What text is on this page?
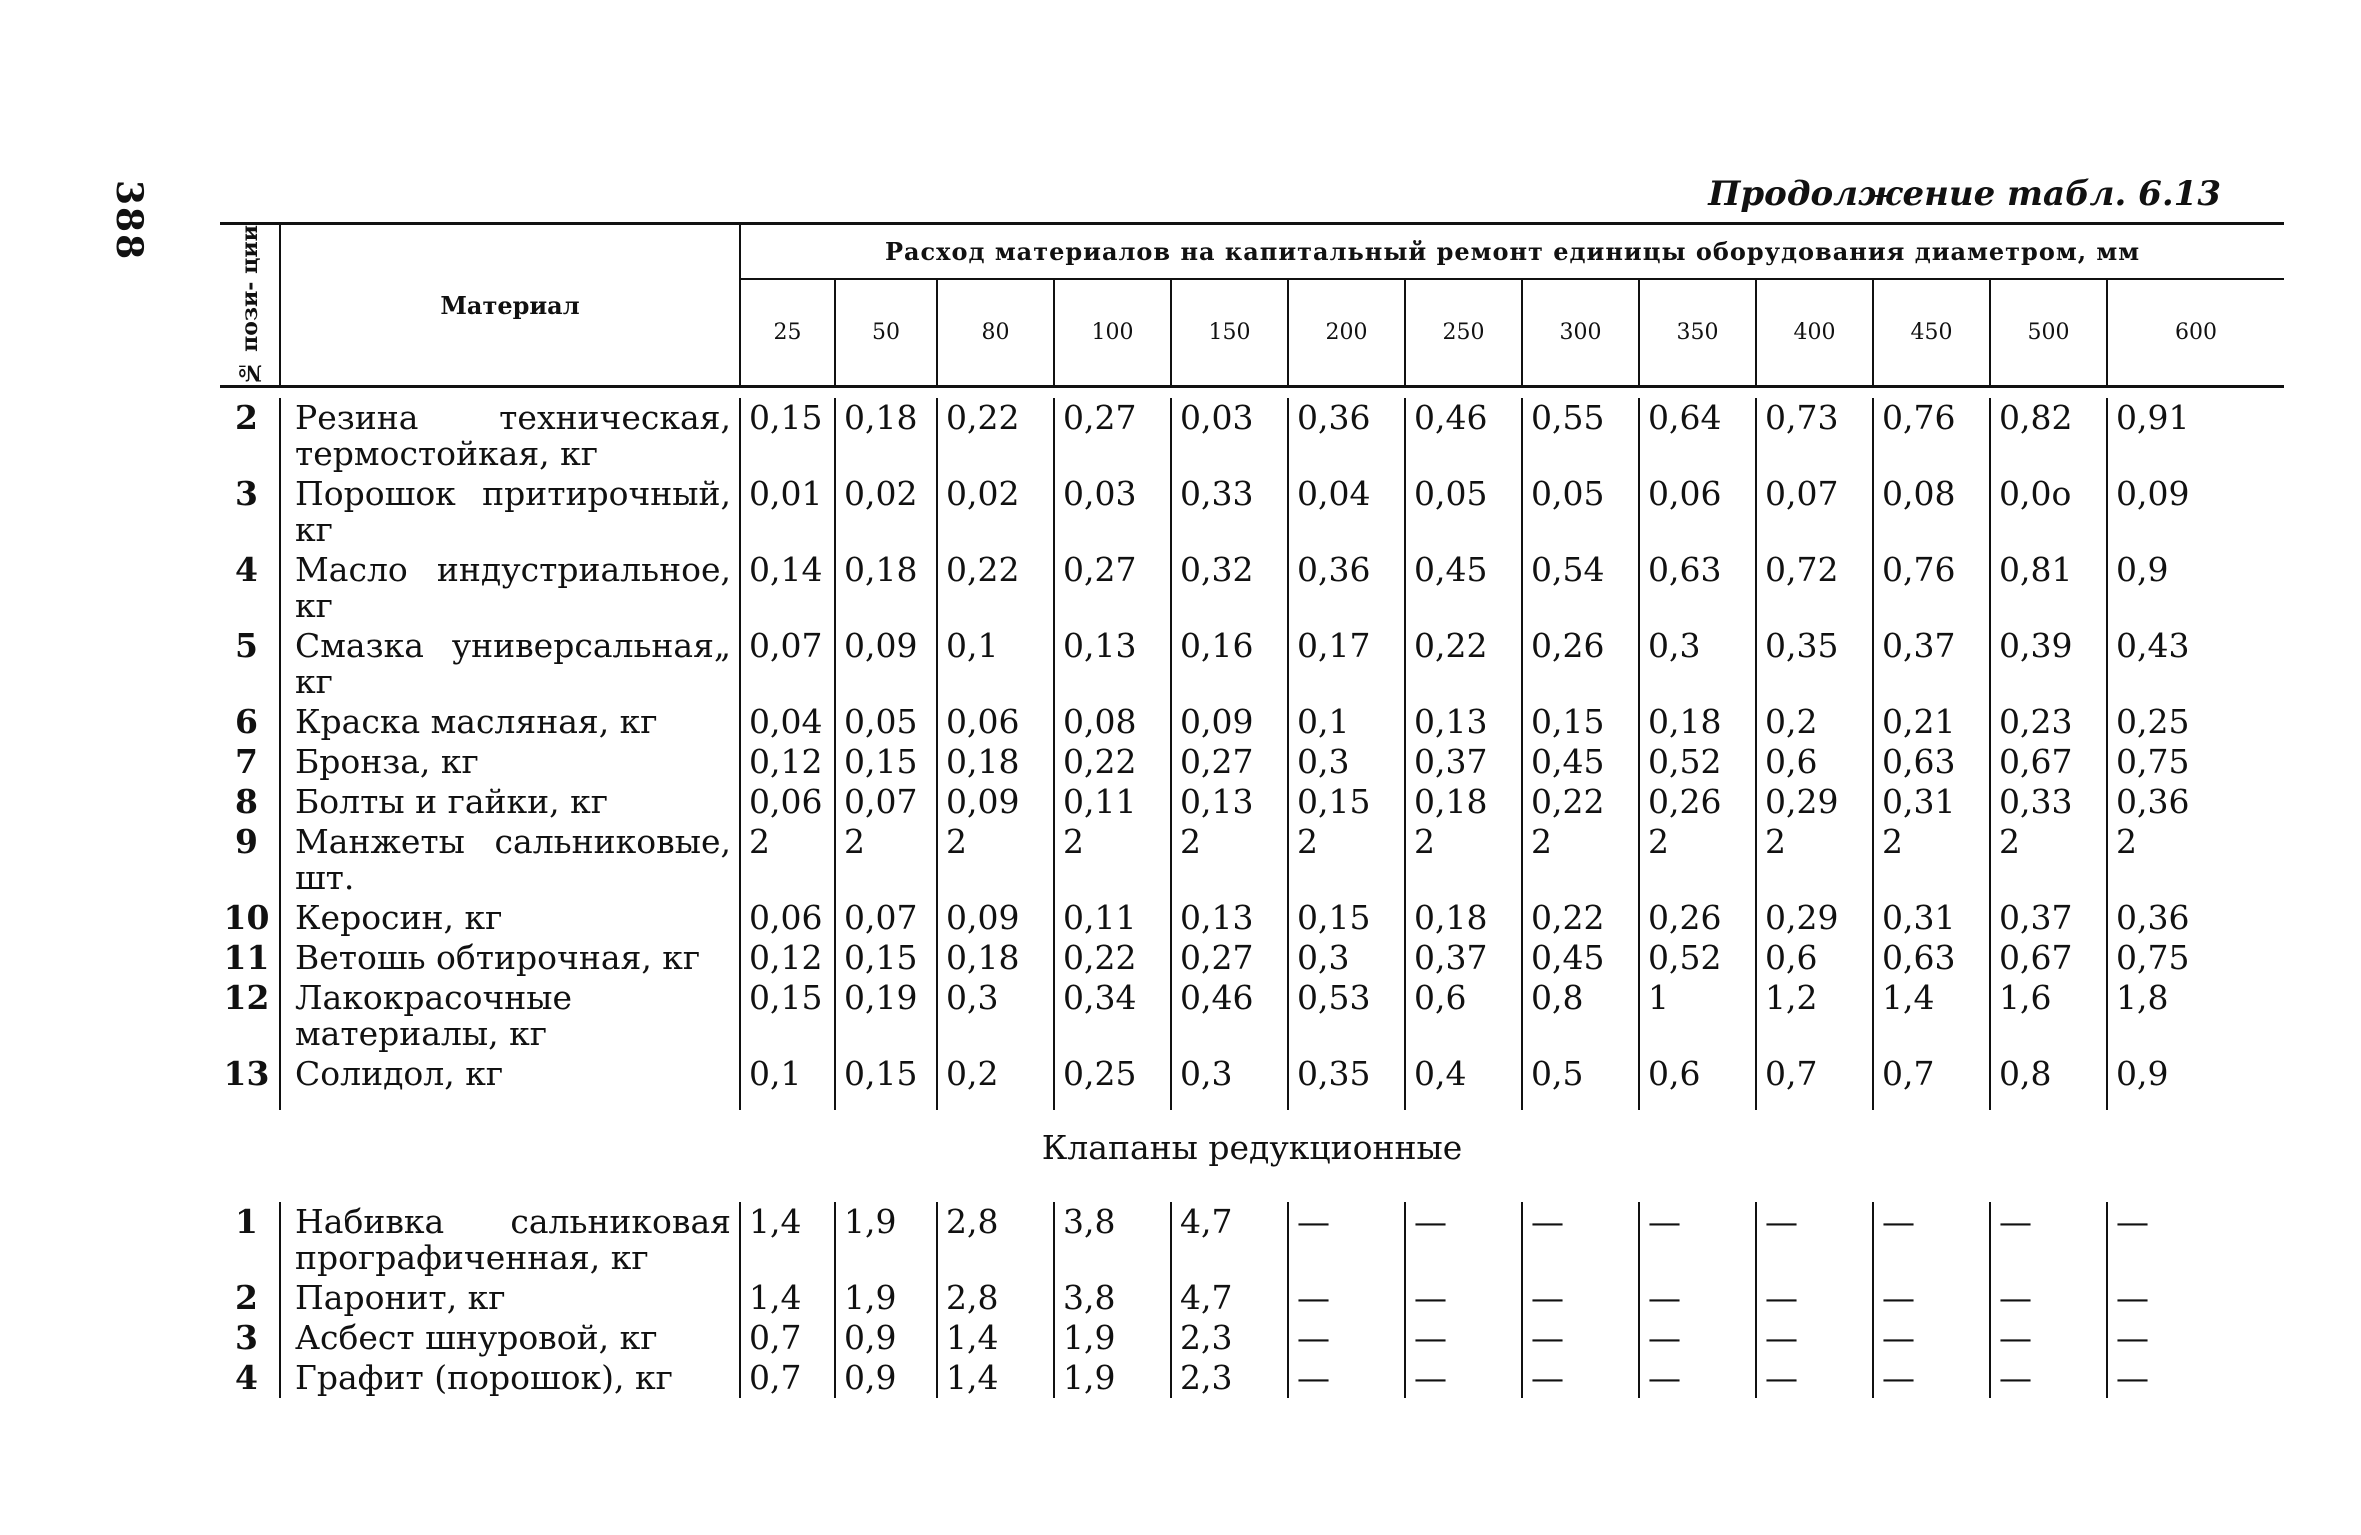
388	Продолжение табл. 6.13
№ пози- ции	Материал	Расход материалов на капитальный ремонт единицы оборудования диаметром, мм												
		25	50	80	100	150	200	250	300	350	400	450	500	600

2	Резина техническая, термостойкая, кг	0,15	0,18	0,22	0,27	0,03	0,36	0,46	0,55	0,64	0,73	0,76	0,82	0,91
3	Порошок притирочный, кг	0,01	0,02	0,02	0,03	0,33	0,04	0,05	0,05	0,06	0,07	0,08	0,0о	0,09
4	Масло индустриальное, кг	0,14	0,18	0,22	0,27	0,32	0,36	0,45	0,54	0,63	0,72	0,76	0,81	0,9
5	Смазка универсальная„ кг	0,07	0,09	0,1	0,13	0,16	0,17	0,22	0,26	0,3	0,35	0,37	0,39	0,43
6	Краска масляная, кг	0,04	0,05	0,06	0,08	0,09	0,1	0,13	0,15	0,18	0,2	0,21	0,23	0,25
7	Бронза, кг	0,12	0,15	0,18	0,22	0,27	0,3	0,37	0,45	0,52	0,6	0,63	0,67	0,75
8	Болты и гайки, кг	0,06	0,07	0,09	0,11	0,13	0,15	0,18	0,22	0,26	0,29	0,31	0,33	0,36
9	Манжеты сальниковые, шт.	2	2	2	2	2	2	2	2	2	2	2	2	2
10	Керосин, кг	0,06	0,07	0,09	0,11	0,13	0,15	0,18	0,22	0,26	0,29	0,31	0,37	0,36
11	Ветошь обтирочная, кг	0,12	0,15	0,18	0,22	0,27	0,3	0,37	0,45	0,52	0,6	0,63	0,67	0,75
12	Лакокрасочные материалы, кг	0,15	0,19	0,3	0,34	0,46	0,53	0,6	0,8	1	1,2	1,4	1,6	1,8
13	Солидол, кг	0,1	0,15	0,2	0,25	0,3	0,35	0,4	0,5	0,6	0,7	0,7	0,8	0,9
Клапаны редукционные														
1	Набивка сальниковая прографиченная, кг	1,4	1,9	2,8	3,8	4,7	—	—	—	—	—	—	—	—
2	Паронит, кг	1,4	1,9	2,8	3,8	4,7	—	—	—	—	—	—	—	—
3	Асбест шнуровой, кг	0,7	0,9	1,4	1,9	2,3	—	—	—	—	—	—	—	—
4	Графит (порошок), кг	0,7	0,9	1,4	1,9	2,3	—	—	—	—	—	—	—	—
